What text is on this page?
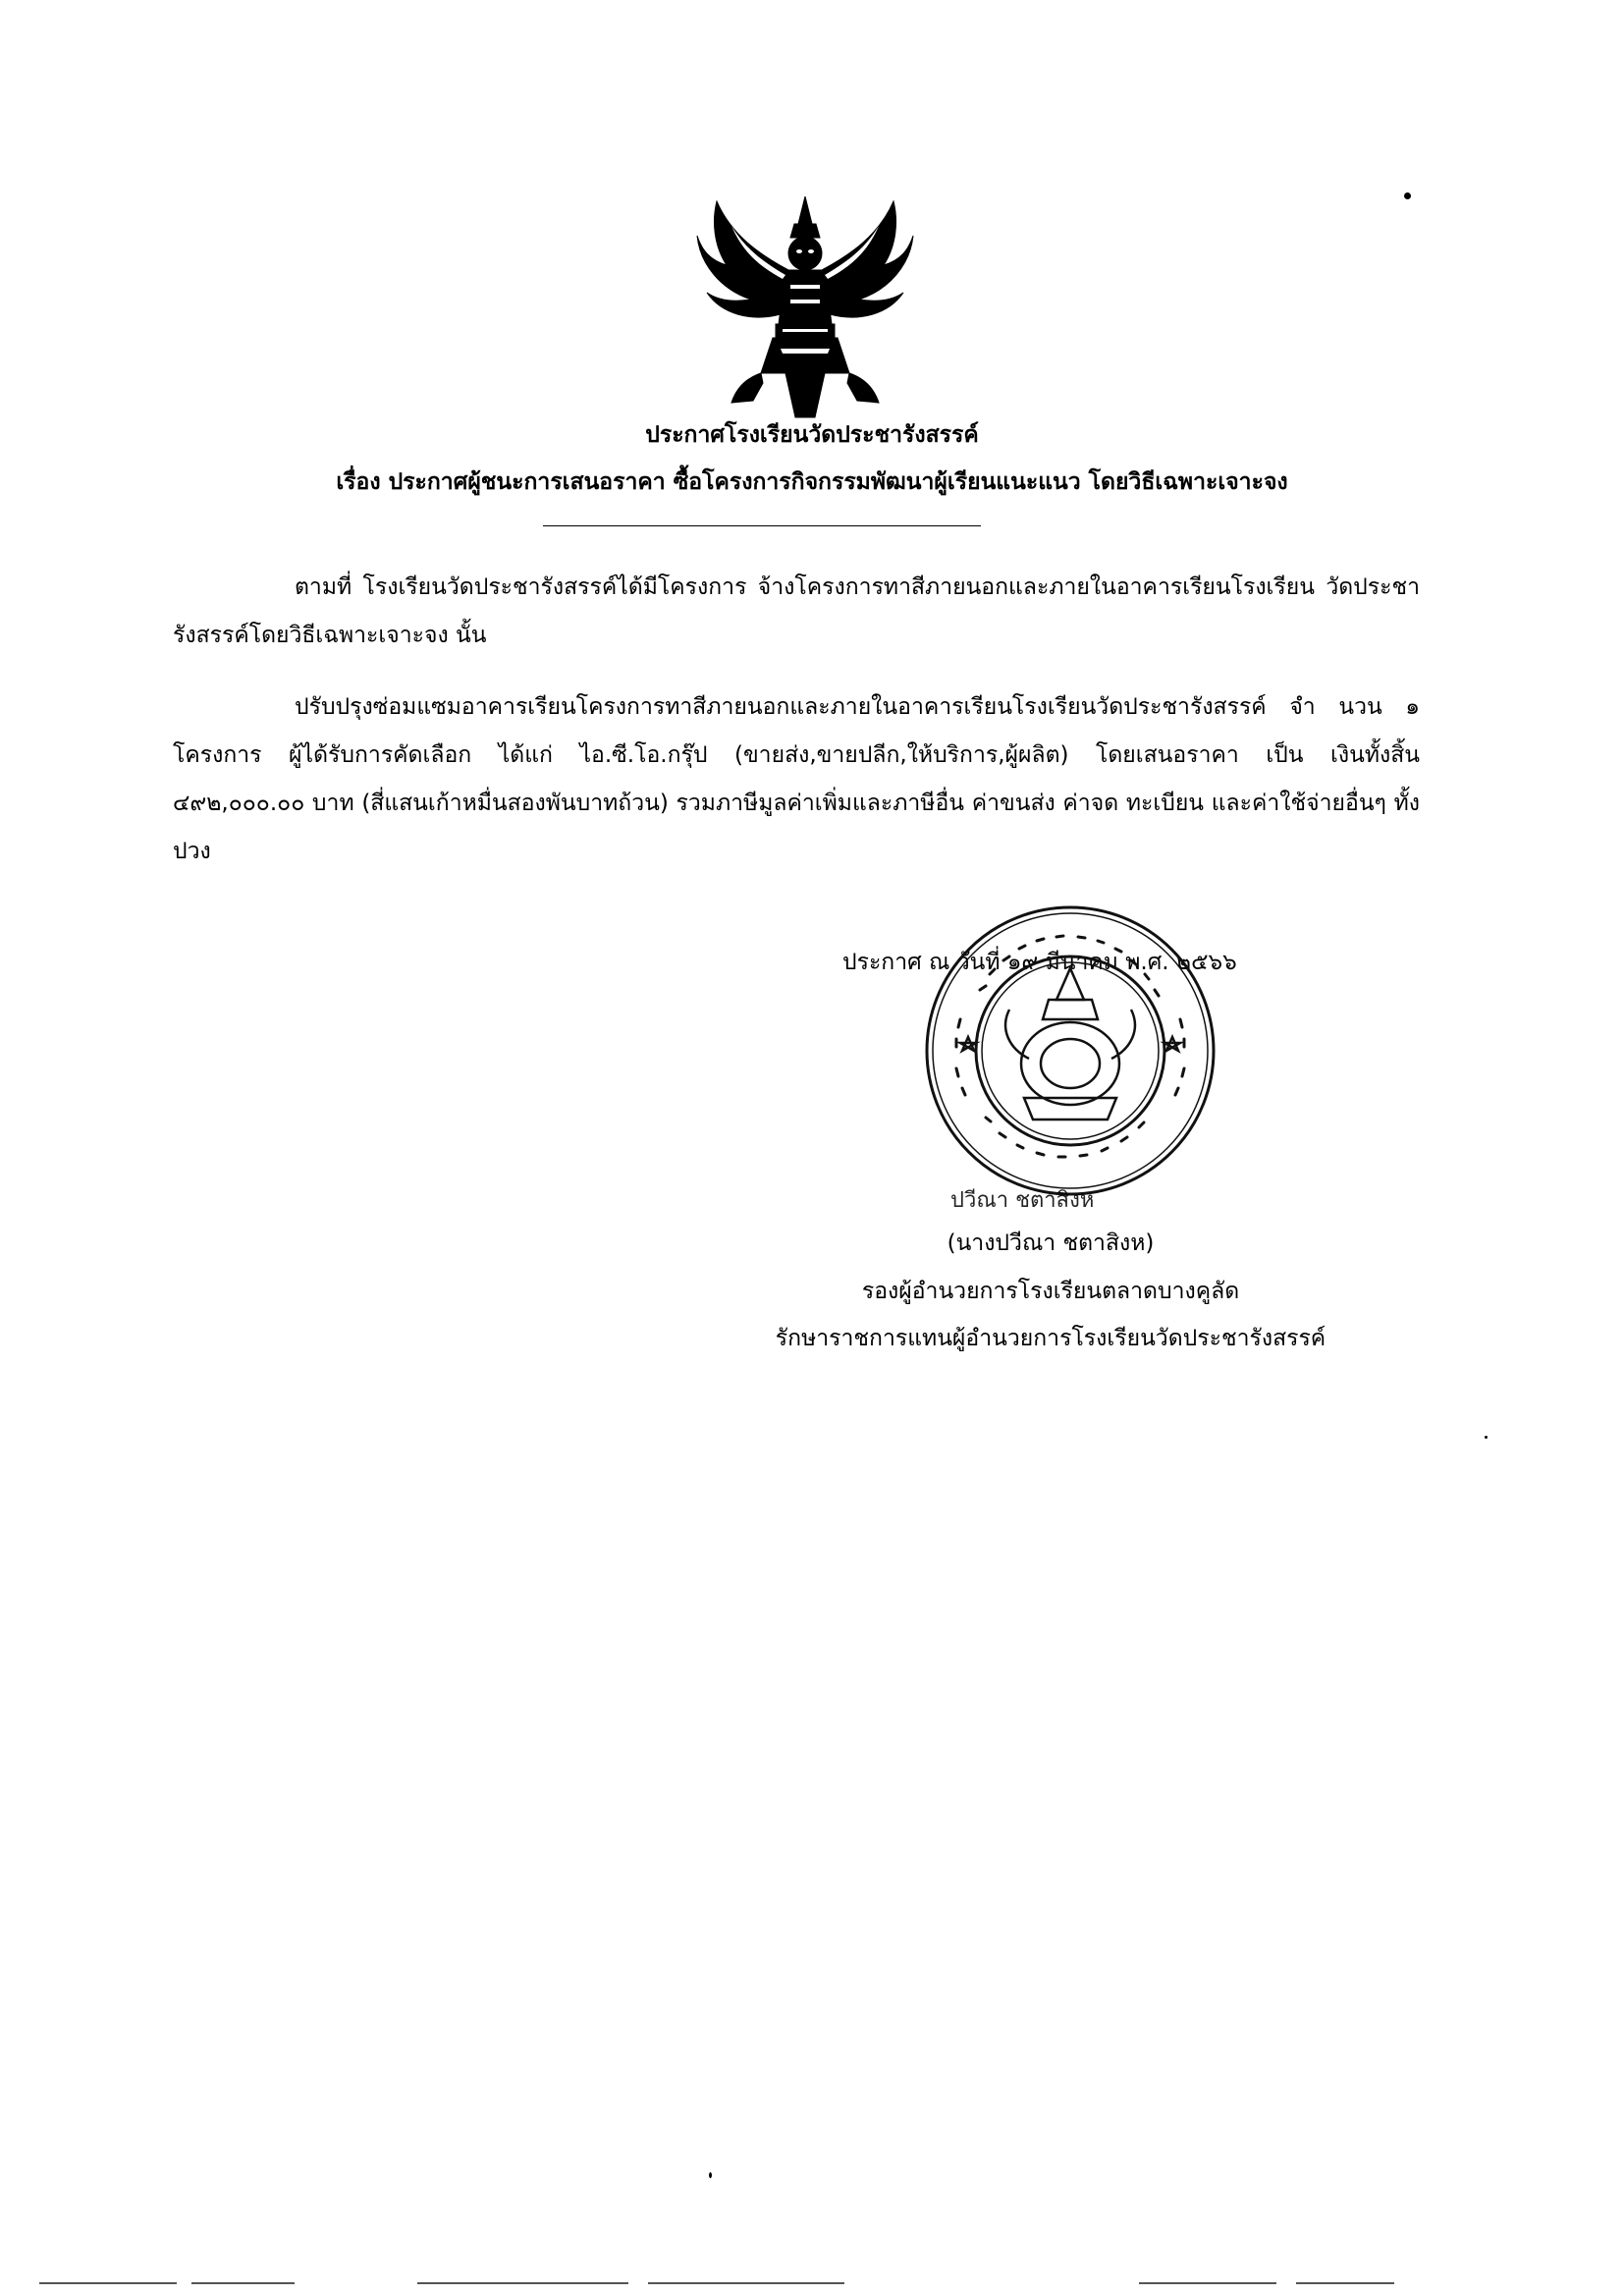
ประกาศโรงเรียนวัดประชารังสรรค์
เรื่อง ประกาศผู้ชนะการเสนอราคา ซื้อโครงการกิจกรรมพัฒนาผู้เรียนแนะแนว โดยวิธีเฉพาะเจาะจง
ตามที่ โรงเรียนวัดประชารังสรรค์ได้มีโครงการ จ้างโครงการทาสีภายนอกและภายในอาคารเรียนโรงเรียน วัดประชารังสรรค์โดยวิธีเฉพาะเจาะจง นั้น
ปรับปรุงซ่อมแซมอาคารเรียนโครงการทาสีภายนอกและภายในอาคารเรียนโรงเรียนวัดประชารังสรรค์ จำ นวน ๑ โครงการ ผู้ได้รับการคัดเลือก ได้แก่ ไอ.ซี.โอ.กรุ๊ป (ขายส่ง,ขายปลีก,ให้บริการ,ผู้ผลิต) โดยเสนอราคา เป็น เงินทั้งสิ้น ๔๙๒,๐๐๐.๐๐ บาท (สี่แสนเก้าหมื่นสองพันบาทถ้วน) รวมภาษีมูลค่าเพิ่มและภาษีอื่น ค่าขนส่ง ค่าจด ทะเบียน และค่าใช้จ่ายอื่นๆ ทั้งปวง
ประกาศ ณ วันที่ ๑๙ มีนาคม พ.ศ. ๒๕๖๖
ปวีณา ชตาสิงห
(นางปวีณา ชตาสิงห)
รองผู้อำนวยการโรงเรียนตลาดบางคูลัด
รักษาราชการแทนผู้อำนวยการโรงเรียนวัดประชารังสรรค์
